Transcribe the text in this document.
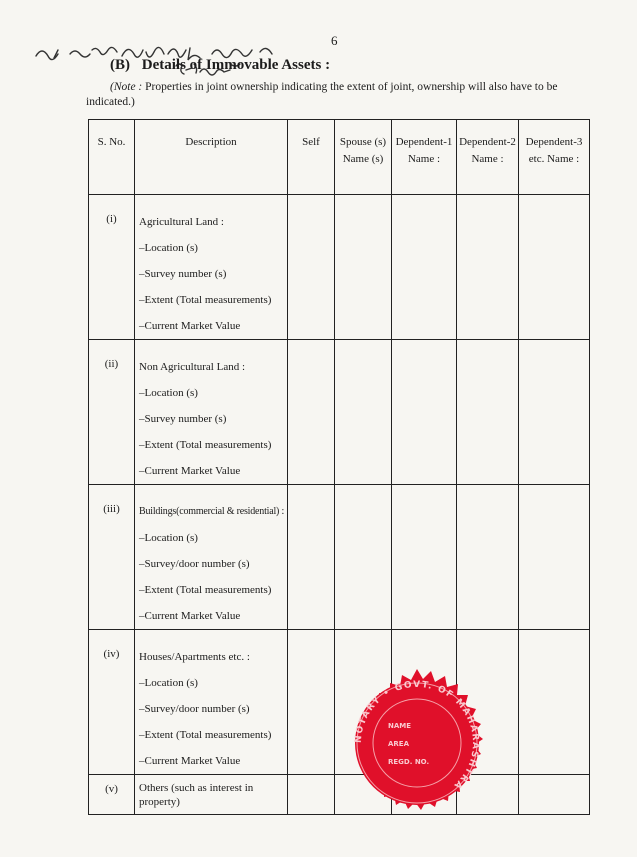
6
(B) Details of Immovable Assets :
(Note : Properties in joint ownership indicating the extent of joint, ownership will also have to be indicated.)
S. No.	Description	Self	Spouse (s) Name (s)	Dependent-1 Name :	Dependent-2 Name :	Dependent-3 etc. Name :
(i)	Agricultural Land :
– Location (s)
– Survey number (s)
– Extent (Total measurements)
– Current Market Value

(ii)	Non Agricultural Land :
– Location (s)
– Survey number (s)
– Extent (Total measurements)
– Current Market Value

(iii)	Buildings(commercial & residential) :
– Location (s)
– Survey/door number (s)
– Extent (Total measurements)
– Current Market Value

(iv)	Houses/Apartments etc. :
– Location (s)
– Survey/door number (s)
– Extent (Total measurements)
– Current Market Value

(v)	Others (such as interest in property)					
NOTARY • GOVT. OF MAHARASHTRA
NAME
AREA
REGD. NO.
